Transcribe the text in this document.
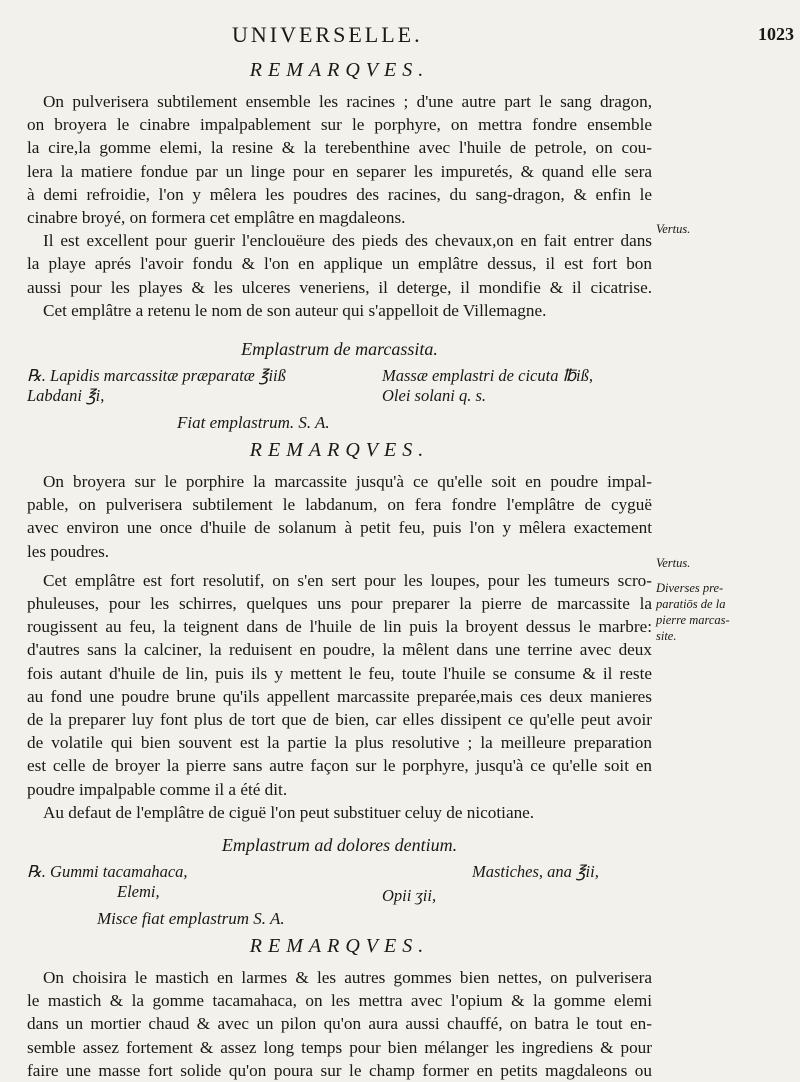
UNIVERSELLE.	1023
REMARQVES.

On pulverisera subtilement ensemble les racines ; d'une autre part le sang dragon,
on broyera le cinabre impalpablement sur le porphyre, on mettra fondre ensemble
la cire,la gomme elemi, la resine & la terebenthine avec l'huile de petrole, on cou-
lera la matiere fondue par un linge pour en separer les impuretés, & quand elle sera
à demi refroidie, l'on y mêlera les poudres des racines, du sang-dragon, & enfin le
cinabre broyé, on formera cet emplâtre en magdaleons.

Il est excellent pour guerir l'enclouëure des pieds des chevaux,on en fait entrer dans
la playe aprés l'avoir fondu & l'on en applique un emplâtre dessus, il est fort bon
aussi pour les playes & les ulceres veneriens, il deterge, il mondifie & il cicatrise.

Cet emplâtre a retenu le nom de son auteur qui s'appelloit de Villemagne.

Emplastrum de marcassita.
℞. Lapidis marcassitæ præparatæ ℥iiß
Labdani ℥i,
Massæ emplastri de cicuta ℔iß,
Olei solani q. s.
Fiat emplastrum. S. A.
REMARQVES.

On broyera sur le porphire la marcassite jusqu'à ce qu'elle soit en poudre impal-
pable, on pulverisera subtilement le labdanum, on fera fondre l'emplâtre de cyguë
avec environ une once d'huile de solanum à petit feu, puis l'on y mêlera exactement
les poudres.

Cet emplâtre est fort resolutif, on s'en sert pour les loupes, pour les tumeurs scro-
phuleuses, pour les schirres, quelques uns pour preparer la pierre de marcassite la
rougissent au feu, la teignent dans de l'huile de lin puis la broyent dessus le marbre:
d'autres sans la calciner, la reduisent en poudre, la mêlent dans une terrine avec deux
fois autant d'huile de lin, puis ils y mettent le feu, toute l'huile se consume & il reste
au fond une poudre brune qu'ils appellent marcassite preparée,mais ces deux manieres
de la preparer luy font plus de tort que de bien, car elles dissipent ce qu'elle peut avoir
de volatile qui bien souvent est la partie la plus resolutive ; la meilleure preparation
est celle de broyer la pierre sans autre façon sur le porphyre, jusqu'à ce qu'elle soit en
poudre impalpable comme il a été dit.

Au defaut de l'emplâtre de ciguë l'on peut substituer celuy de nicotiane.

Emplastrum ad dolores dentium.
℞. Gummi tacamahaca,
Elemi,
Mastiches, ana ℥ii,
Opii ʒii,
Misce fiat emplastrum S. A.
REMARQVES.

On choisira le mastich en larmes & les autres gommes bien nettes, on pulverisera
le mastich & la gomme tacamahaca, on les mettra avec l'opium & la gomme elemi
dans un mortier chaud & avec un pilon qu'on aura aussi chauffé, on batra le tout en-
semble assez fortement & assez long temps pour bien mélanger les ingrediens & pour
faire une masse fort solide qu'on poura sur le champ former en petits magdaleons ou

Vertus.
Vertus.
Diverses pre-
paratiōs de la
pierre marcas-
site.
